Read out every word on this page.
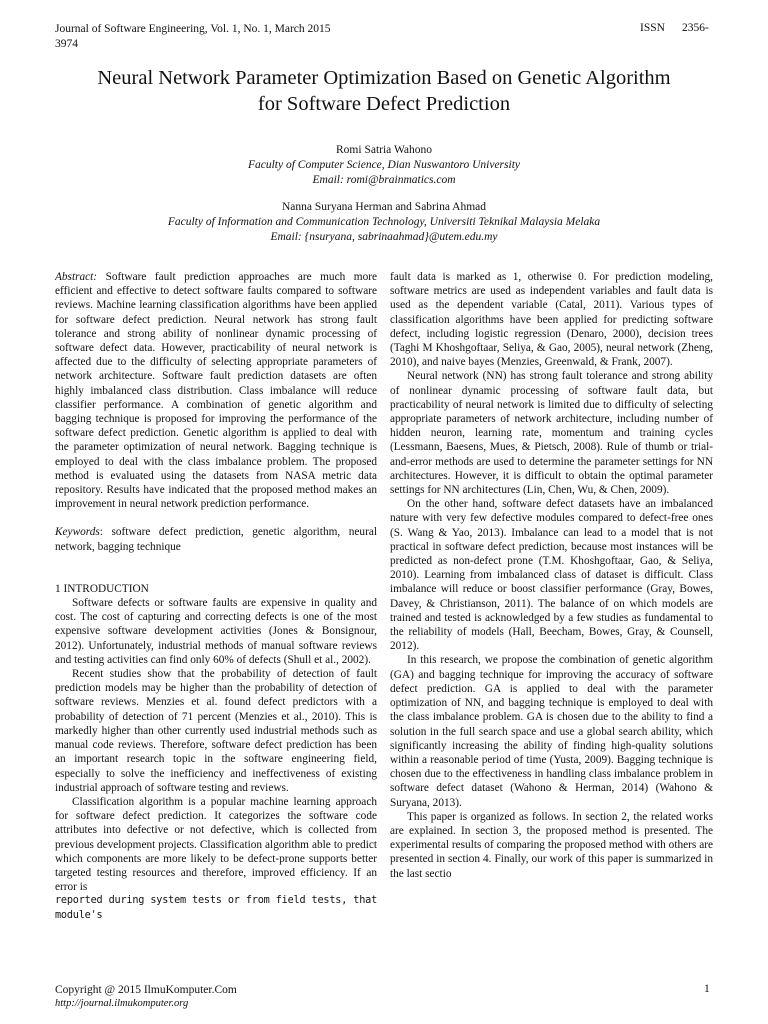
Journal of Software Engineering, Vol. 1, No. 1, March 2015
3974
ISSN 2356-
Neural Network Parameter Optimization Based on Genetic Algorithm
for Software Defect Prediction
Romi Satria Wahono
Faculty of Computer Science, Dian Nuswantoro University
Email: romi@brainmatics.com
Nanna Suryana Herman and Sabrina Ahmad
Faculty of Information and Communication Technology, Universiti Teknikal Malaysia Melaka
Email: {nsuryana, sabrinaahmad}@utem.edu.my

Abstract: Software fault prediction approaches are much more efficient and effective to detect software faults compared to software reviews. Machine learning classification algorithms have been applied for software defect prediction. Neural network has strong fault tolerance and strong ability of nonlinear dynamic processing of software defect data. However, practicability of neural network is affected due to the difficulty of selecting appropriate parameters of network architecture. Software fault prediction datasets are often highly imbalanced class distribution. Class imbalance will reduce classifier performance. A combination of genetic algorithm and bagging technique is proposed for improving the performance of the software defect prediction. Genetic algorithm is applied to deal with the parameter optimization of neural network. Bagging technique is employed to deal with the class imbalance problem. The proposed method is evaluated using the datasets from NASA metric data repository. Results have indicated that the proposed method makes an improvement in neural network prediction performance.

Keywords: software defect prediction, genetic algorithm, neural network, bagging technique

1 INTRODUCTION

Software defects or software faults are expensive in quality and cost. The cost of capturing and correcting defects is one of the most expensive software development activities (Jones & Bonsignour, 2012). Unfortunately, industrial methods of manual software reviews and testing activities can find only 60% of defects (Shull et al., 2002).

Recent studies show that the probability of detection of fault prediction models may be higher than the probability of detection of software reviews. Menzies et al. found defect predictors with a probability of detection of 71 percent (Menzies et al., 2010). This is markedly higher than other currently used industrial methods such as manual code reviews. Therefore, software defect prediction has been an important research topic in the software engineering field, especially to solve the inefficiency and ineffectiveness of existing industrial approach of software testing and reviews.

Classification algorithm is a popular machine learning approach for software defect prediction. It categorizes the software code attributes into defective or not defective, which is collected from previous development projects. Classification algorithm able to predict which components are more likely to be defect-prone supports better targeted testing resources and therefore, improved efficiency. If an error is

reported during system tests or from field tests, that module's

fault data is marked as 1, otherwise 0. For prediction modeling, software metrics are used as independent variables and fault data is used as the dependent variable (Catal, 2011). Various types of classification algorithms have been applied for predicting software defect, including logistic regression (Denaro, 2000), decision trees (Taghi M Khoshgoftaar, Seliya, & Gao, 2005), neural network (Zheng, 2010), and naive bayes (Menzies, Greenwald, & Frank, 2007).

Neural network (NN) has strong fault tolerance and strong ability of nonlinear dynamic processing of software fault data, but practicability of neural network is limited due to difficulty of selecting appropriate parameters of network architecture, including number of hidden neuron, learning rate, momentum and training cycles (Lessmann, Baesens, Mues, & Pietsch, 2008). Rule of thumb or trial-and-error methods are used to determine the parameter settings for NN architectures. However, it is difficult to obtain the optimal parameter settings for NN architectures (Lin, Chen, Wu, & Chen, 2009).

On the other hand, software defect datasets have an imbalanced nature with very few defective modules compared to defect-free ones (S. Wang & Yao, 2013). Imbalance can lead to a model that is not practical in software defect prediction, because most instances will be predicted as non-defect prone (T.M. Khoshgoftaar, Gao, & Seliya, 2010). Learning from imbalanced class of dataset is difficult. Class imbalance will reduce or boost classifier performance (Gray, Bowes, Davey, & Christianson, 2011). The balance of on which models are trained and tested is acknowledged by a few studies as fundamental to the reliability of models (Hall, Beecham, Bowes, Gray, & Counsell, 2012).

In this research, we propose the combination of genetic algorithm (GA) and bagging technique for improving the accuracy of software defect prediction. GA is applied to deal with the parameter optimization of NN, and bagging technique is employed to deal with the class imbalance problem. GA is chosen due to the ability to find a solution in the full search space and use a global search ability, which significantly increasing the ability of finding high-quality solutions within a reasonable period of time (Yusta, 2009). Bagging technique is chosen due to the effectiveness in handling class imbalance problem in software defect dataset (Wahono & Herman, 2014) (Wahono & Suryana, 2013).

This paper is organized as follows. In section 2, the related works are explained. In section 3, the proposed method is presented. The experimental results of comparing the proposed method with others are presented in section 4. Finally, our work of this paper is summarized in the last sectio

Copyright @ 2015 IlmuKomputer.Com
http://journal.ilmukomputer.org
1
